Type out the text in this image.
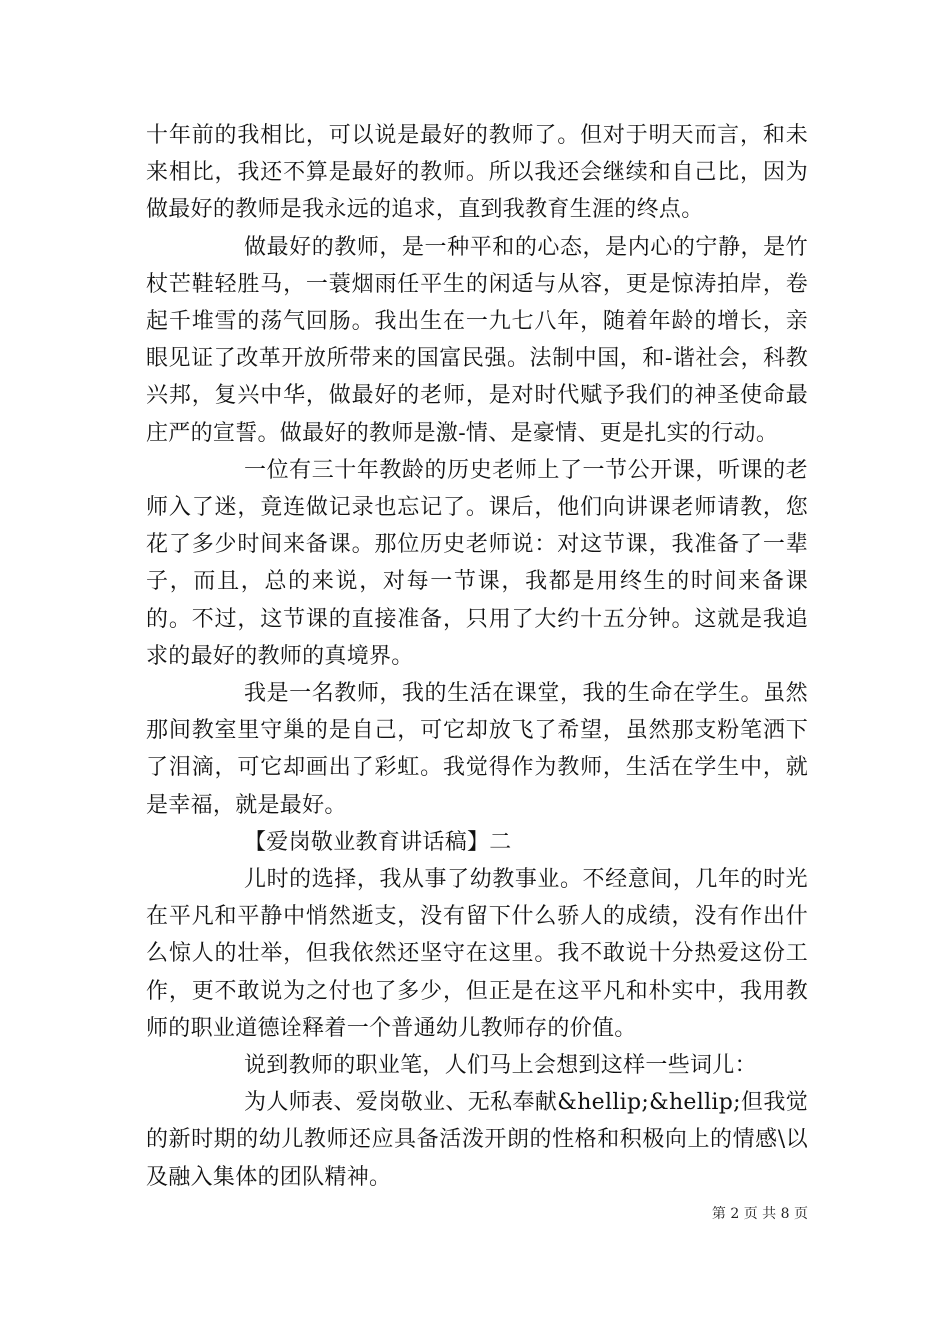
十年前的我相比，可以说是最好的教师了。但对于明天而言，和未来相比，我还不算是最好的教师。所以我还会继续和自己比，因为做最好的教师是我永远的追求，直到我教育生涯的终点。

做最好的教师，是一种平和的心态，是内心的宁静，是竹杖芒鞋轻胜马，一蓑烟雨任平生的闲适与从容，更是惊涛拍岸，卷起千堆雪的荡气回肠。我出生在一九七八年，随着年龄的增长，亲眼见证了改革开放所带来的国富民强。法制中国，和-谐社会，科教兴邦，复兴中华，做最好的老师，是对时代赋予我们的神圣使命最庄严的宣誓。做最好的教师是激-情、是豪情、更是扎实的行动。

一位有三十年教龄的历史老师上了一节公开课，听课的老师入了迷，竟连做记录也忘记了。课后，他们向讲课老师请教，您花了多少时间来备课。那位历史老师说：对这节课，我准备了一辈子，而且，总的来说，对每一节课，我都是用终生的时间来备课的。不过，这节课的直接准备，只用了大约十五分钟。这就是我追求的最好的教师的真境界。

我是一名教师，我的生活在课堂，我的生命在学生。虽然那间教室里守巢的是自己，可它却放飞了希望，虽然那支粉笔洒下了泪滴，可它却画出了彩虹。我觉得作为教师，生活在学生中，就是幸福，就是最好。

【爱岗敬业教育讲话稿】二

儿时的选择，我从事了幼教事业。不经意间，几年的时光在平凡和平静中悄然逝支，没有留下什么骄人的成绩，没有作出什么惊人的壮举，但我依然还坚守在这里。我不敢说十分热爱这份工作，更不敢说为之付也了多少，但正是在这平凡和朴实中，我用教师的职业道德诠释着一个普通幼儿教师存的价值。

说到教师的职业笔，人们马上会想到这样一些词儿：

为人师表、爱岗敬业、无私奉献&hellip;&hellip;但我觉的新时期的幼儿教师还应具备活泼开朗的性格和积极向上的情感\以及融入集体的团队精神。

第 2 页 共 8 页
